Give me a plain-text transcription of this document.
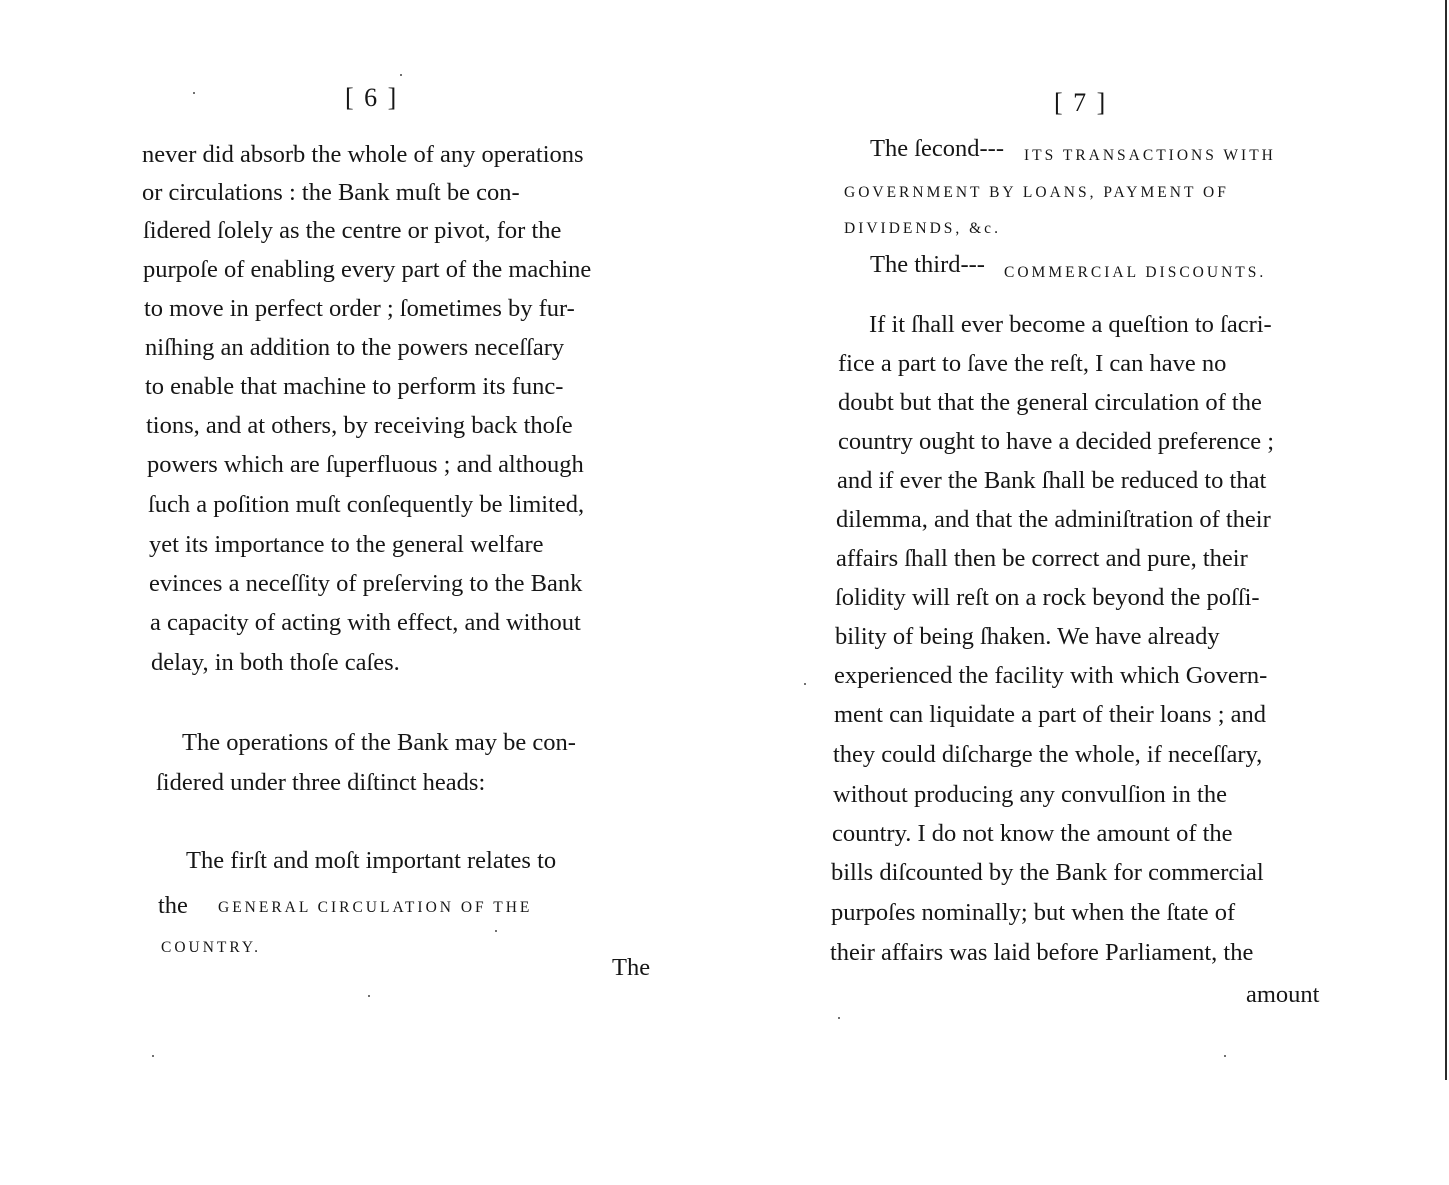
[ 6 ]
never did absorb the whole of any operations
or circulations : the Bank muſt be con-
ſidered ſolely as the centre or pivot, for the
purpoſe of enabling every part of the machine
to move in perfect order ; ſometimes by fur-
niſhing an addition to the powers neceſſary
to enable that machine to perform its func-
tions, and at others, by receiving back thoſe
powers which are ſuperfluous ; and although
ſuch a poſition muſt conſequently be limited,
yet its importance to the general welfare
evinces a neceſſity of preſerving to the Bank
a capacity of acting with effect, and without
delay, in both thoſe caſes.
The operations of the Bank may be con-
ſidered under three diſtinct heads:
The firſt and moſt important relates to
the GENERAL CIRCULATION OF THE
COUNTRY.
The
[ 7 ]
The ſecond--- ITS TRANSACTIONS WITH
GOVERNMENT BY LOANS, PAYMENT OF
DIVIDENDS, &c.
The third--- COMMERCIAL DISCOUNTS.
If it ſhall ever become a queſtion to ſacri-
fice a part to ſave the reſt, I can have no
doubt but that the general circulation of the
country ought to have a decided preference ;
and if ever the Bank ſhall be reduced to that
dilemma, and that the adminiſtration of their
affairs ſhall then be correct and pure, their
ſolidity will reſt on a rock beyond the poſſi-
bility of being ſhaken. We have already
experienced the facility with which Govern-
ment can liquidate a part of their loans ; and
they could diſcharge the whole, if neceſſary,
without producing any convulſion in the
country. I do not know the amount of the
bills diſcounted by the Bank for commercial
purpoſes nominally; but when the ſtate of
their affairs was laid before Parliament, the
amount
